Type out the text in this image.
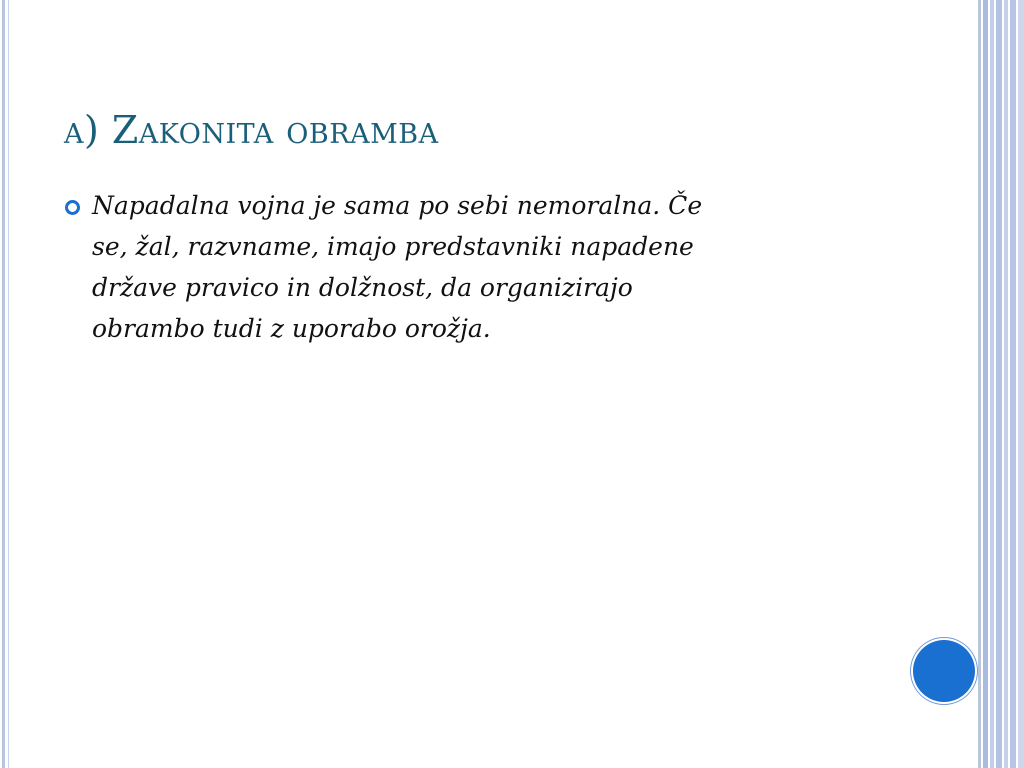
a) Zakonita obramba
Napadalna vojna je sama po sebi nemoralna. Če
se, žal, razvname, imajo predstavniki napadene
države pravico in dolžnost, da organizirajo
obrambo tudi z uporabo orožja.
